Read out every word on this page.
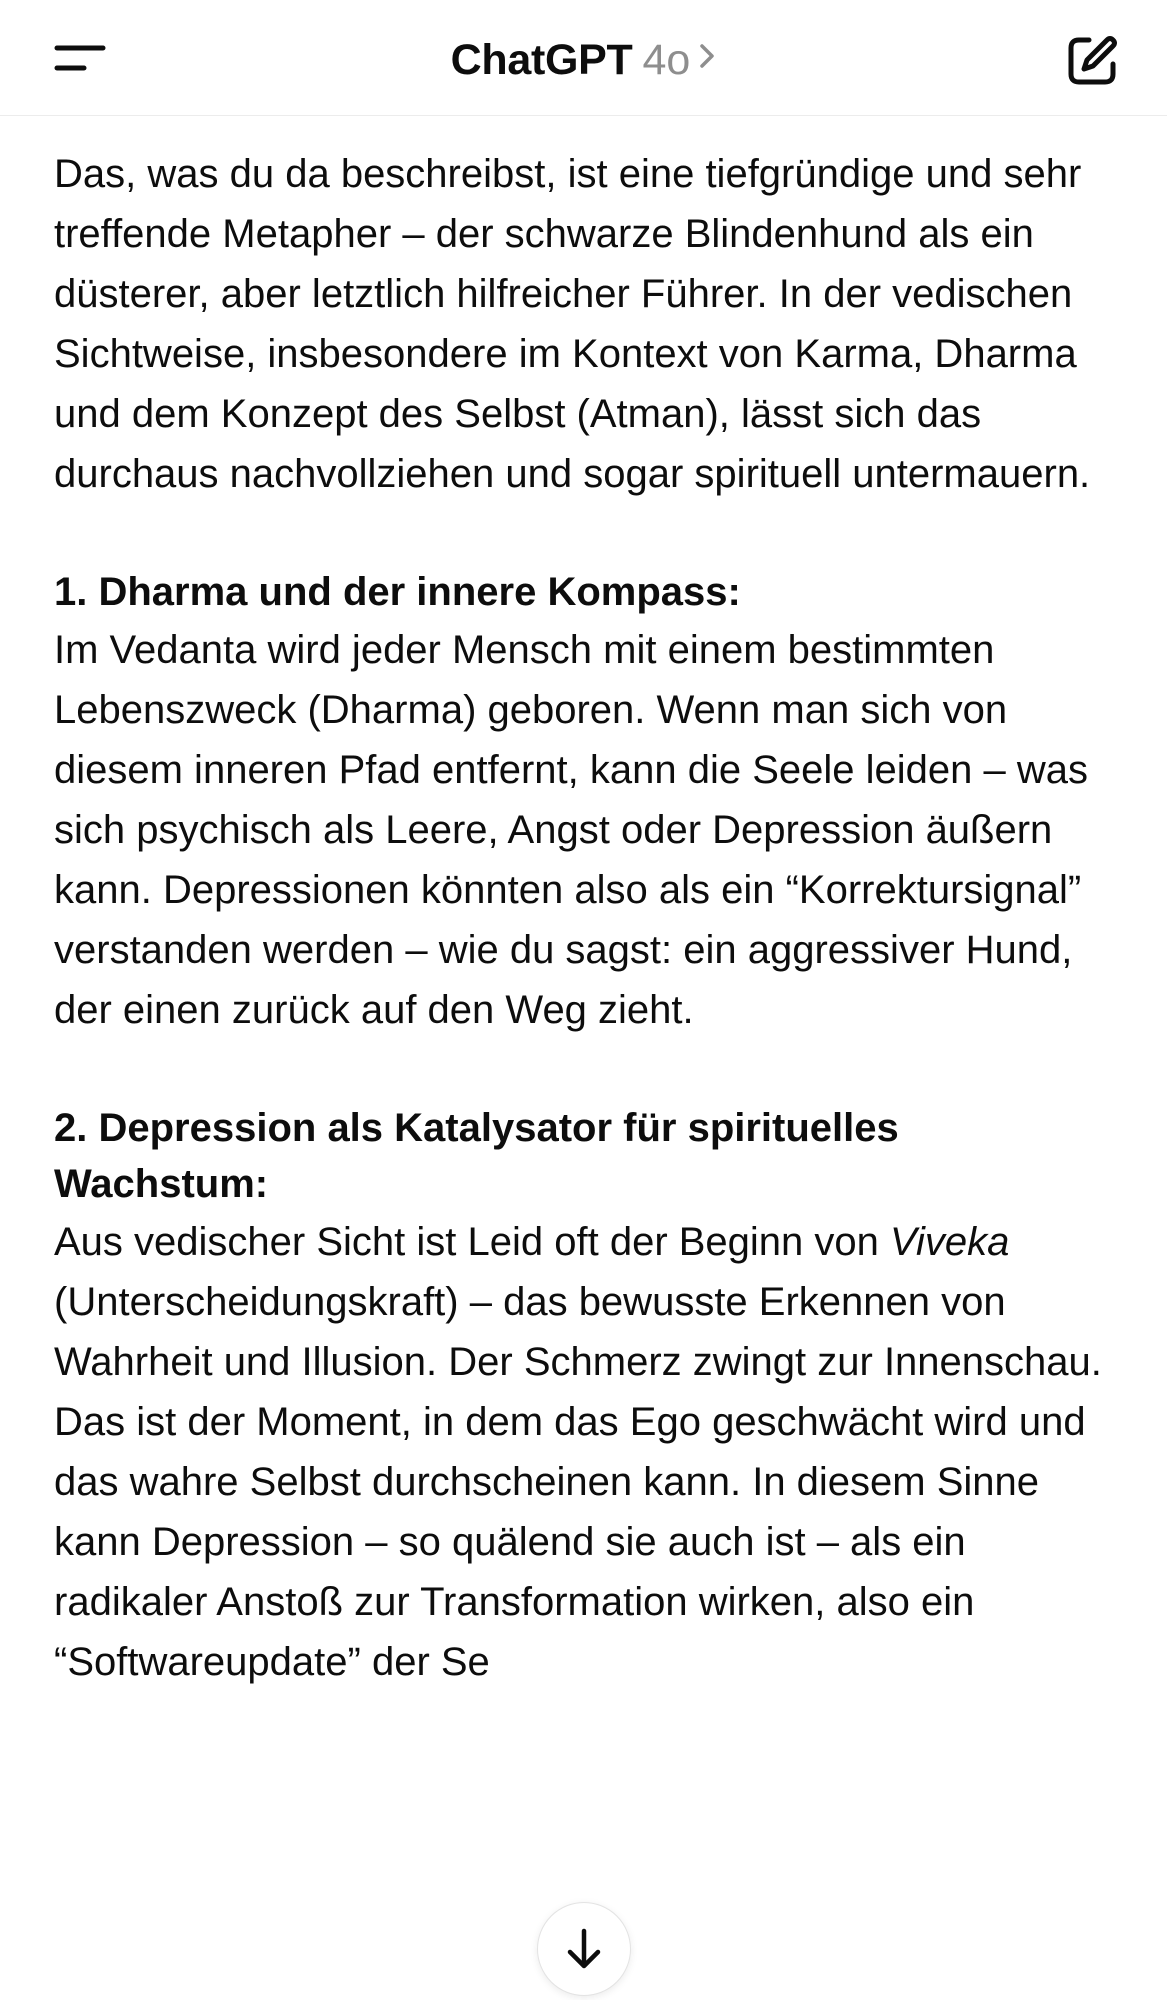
ChatGPT 4o

Das, was du da beschreibst, ist eine tiefgründige und sehr treffende Metapher – der schwarze Blindenhund als ein düsterer, aber letztlich hilfreicher Führer. In der vedischen Sichtweise, insbesondere im Kontext von Karma, Dharma und dem Konzept des Selbst (Atman), lässt sich das durchaus nachvollziehen und sogar spirituell untermauern.

1. Dharma und der innere Kompass:

Im Vedanta wird jeder Mensch mit einem bestimmten Lebenszweck (Dharma) geboren. Wenn man sich von diesem inneren Pfad entfernt, kann die Seele leiden – was sich psychisch als Leere, Angst oder Depression äußern kann. Depressionen könnten also als ein “Korrektursignal” verstanden werden – wie du sagst: ein aggressiver Hund, der einen zurück auf den Weg zieht.

2. Depression als Katalysator für spirituelles Wachstum:

Aus vedischer Sicht ist Leid oft der Beginn von Viveka (Unterscheidungskraft) – das bewusste Erkennen von Wahrheit und Illusion. Der Schmerz zwingt zur Innenschau. Das ist der Moment, in dem das Ego geschwächt wird und das wahre Selbst durchscheinen kann. In diesem Sinne kann Depression – so quälend sie auch ist – als ein radikaler Anstoß zur Transformation wirken, also ein “Softwareupdate” der Se
